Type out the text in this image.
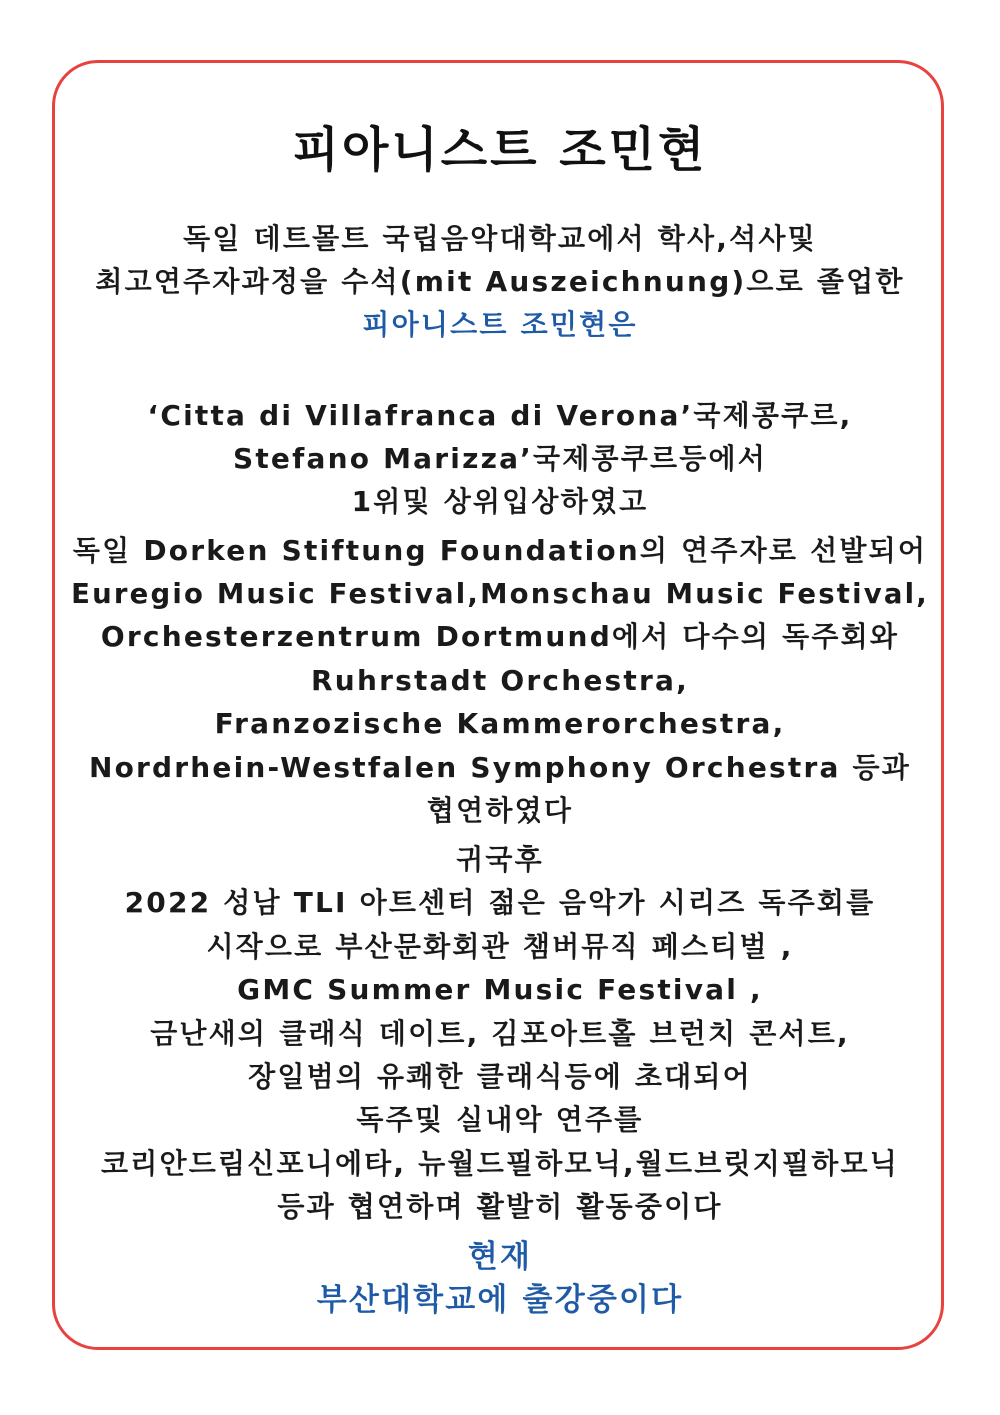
피아니스트 조민현
독일 데트몰트 국립음악대학교에서 학사,석사및
최고연주자과정을 수석(mit Auszeichnung)으로 졸업한
피아니스트 조민현은
‘Citta di Villafranca di Verona’국제콩쿠르,
Stefano Marizza’국제콩쿠르등에서
1위및 상위입상하였고
독일 Dorken Stiftung Foundation의 연주자로 선발되어
Euregio Music Festival,Monschau Music Festival,
Orchesterzentrum Dortmund에서 다수의 독주회와
Ruhrstadt Orchestra,
Franzozische Kammerorchestra,
Nordrhein-Westfalen Symphony Orchestra 등과
협연하였다
귀국후
2022 성남 TLI 아트센터 젊은 음악가 시리즈 독주회를
시작으로 부산문화회관 챔버뮤직 페스티벌 ,
GMC Summer Music Festival ,
금난새의 클래식 데이트, 김포아트홀 브런치 콘서트,
장일범의 유쾌한 클래식등에 초대되어
독주및 실내악 연주를
코리안드림신포니에타, 뉴월드필하모닉,월드브릿지필하모닉
등과 협연하며 활발히 활동중이다
현재
부산대학교에 출강중이다
